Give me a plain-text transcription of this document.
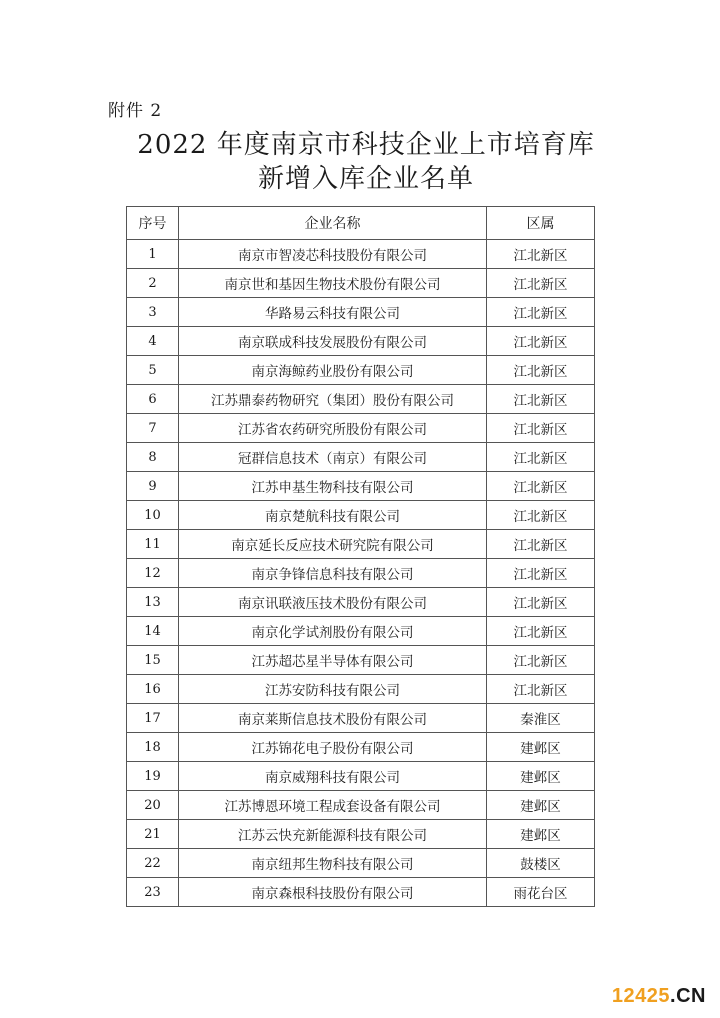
附件 2
2022 年度南京市科技企业上市培育库
新增入库企业名单
序号	企业名称	区属
1	南京市智凌芯科技股份有限公司	江北新区
2	南京世和基因生物技术股份有限公司	江北新区
3	华路易云科技有限公司	江北新区
4	南京联成科技发展股份有限公司	江北新区
5	南京海鲸药业股份有限公司	江北新区
6	江苏鼎泰药物研究（集团）股份有限公司	江北新区
7	江苏省农药研究所股份有限公司	江北新区
8	冠群信息技术（南京）有限公司	江北新区
9	江苏申基生物科技有限公司	江北新区
10	南京楚航科技有限公司	江北新区
11	南京延长反应技术研究院有限公司	江北新区
12	南京争锋信息科技有限公司	江北新区
13	南京讯联液压技术股份有限公司	江北新区
14	南京化学试剂股份有限公司	江北新区
15	江苏超芯星半导体有限公司	江北新区
16	江苏安防科技有限公司	江北新区
17	南京莱斯信息技术股份有限公司	秦淮区
18	江苏锦花电子股份有限公司	建邺区
19	南京威翔科技有限公司	建邺区
20	江苏博恩环境工程成套设备有限公司	建邺区
21	江苏云快充新能源科技有限公司	建邺区
22	南京纽邦生物科技有限公司	鼓楼区
23	南京森根科技股份有限公司	雨花台区
12425.CN
